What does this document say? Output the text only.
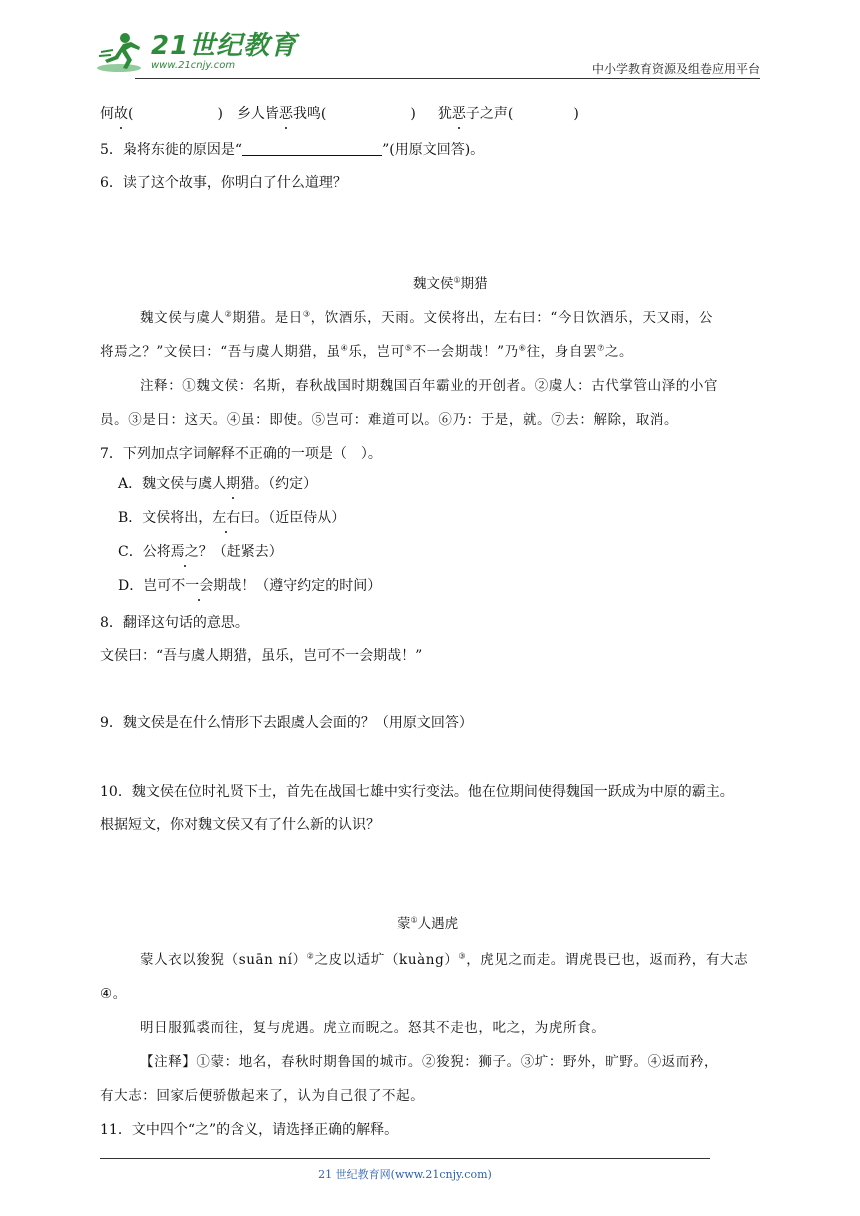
21世纪教育
www.21cnjy.com	中小学教育资源及组卷应用平台
何故(	) 乡人皆恶我鸣(	) 犹恶子之声(	)
5．枭将东徙的原因是“	”(用原文回答)。
6．读了这个故事，你明白了什么道理？
魏文侯①期猎
魏文侯与虞人②期猎。是日③，饮酒乐，天雨。文侯将出，左右曰：“今日饮酒乐，天又雨，公
将焉之？”文侯曰：“吾与虞人期猎，虽④乐，岂可⑤不一会期哉！”乃⑥往，身自罢⑦之。
注释：①魏文侯：名斯，春秋战国时期魏国百年霸业的开创者。②虞人：古代掌管山泽的小官
员。③是日：这天。④虽：即使。⑤岂可：难道可以。⑥乃：于是，就。⑦去：解除，取消。
7．下列加点字词解释不正确的一项是（　）。
A．魏文侯与虞人期猎。（约定）
B．文侯将出，左右曰。（近臣侍从）
C．公将焉之？（赶紧去）
D．岂可不一会期哉！（遵守约定的时间）
8．翻译这句话的意思。
文侯曰：“吾与虞人期猎，虽乐，岂可不一会期哉！”
9．魏文侯是在什么情形下去跟虞人会面的？（用原文回答）
10．魏文侯在位时礼贤下士，首先在战国七雄中实行变法。他在位期间使得魏国一跃成为中原的霸主。
根据短文，你对魏文侯又有了什么新的认识？
蒙①人遇虎
蒙人衣以狻猊（suān ní）②之皮以适圹（kuàng）③，虎见之而走。谓虎畏已也，返而矜，有大志
④。
明日服狐裘而往，复与虎遇。虎立而睨之。怒其不走也，叱之，为虎所食。
【注释】①蒙：地名，春秋时期鲁国的城市。②狻猊：狮子。③圹：野外，旷野。④返而矜，
有大志：回家后便骄傲起来了，认为自己很了不起。
11．文中四个“之”的含义，请选择正确的解释。
21 世纪教育网(www.21cnjy.com)
